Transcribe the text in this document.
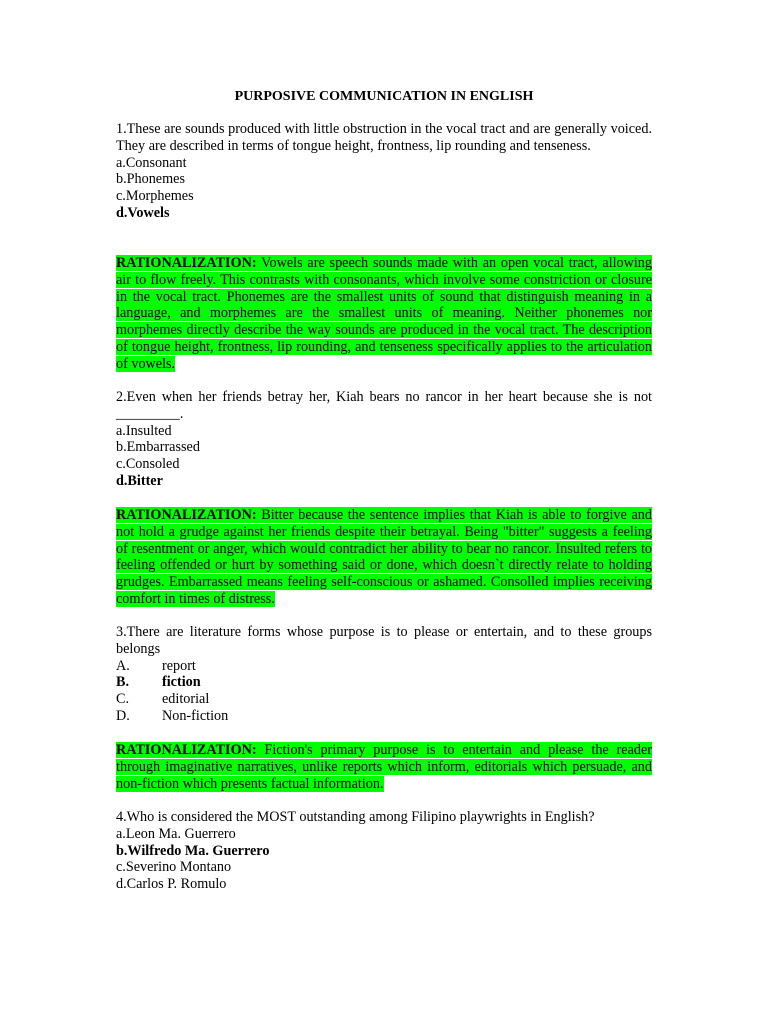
PURPOSIVE COMMUNICATION IN ENGLISH
1.These are sounds produced with little obstruction in the vocal tract and are generally voiced. They are described in terms of tongue height, frontness, lip rounding and tenseness.
a.Consonant
b.Phonemes
c.Morphemes
d.Vowels
RATIONALIZATION: Vowels are speech sounds made with an open vocal tract, allowing air to flow freely. This contrasts with consonants, which involve some constriction or closure in the vocal tract. Phonemes are the smallest units of sound that distinguish meaning in a language, and morphemes are the smallest units of meaning. Neither phonemes nor morphemes directly describe the way sounds are produced in the vocal tract. The description of tongue height, frontness, lip rounding, and tenseness specifically applies to the articulation of vowels.
2.Even when her friends betray her, Kiah bears no rancor in her heart because she is not _________.
a.Insulted
b.Embarrassed
c.Consoled
d.Bitter
RATIONALIZATION: Bitter because the sentence implies that Kiah is able to forgive and not hold a grudge against her friends despite their betrayal. Being "bitter" suggests a feeling of resentment or anger, which would contradict her ability to bear no rancor. Insulted refers to feeling offended or hurt by something said or done, which doesn`t directly relate to holding grudges. Embarrassed means feeling self-conscious or ashamed. Consolled implies receiving comfort in times of distress.
3.There are literature forms whose purpose is to please or entertain, and to these groups belongs
A. report
B. fiction
C. editorial
D. Non-fiction
RATIONALIZATION: Fiction's primary purpose is to entertain and please the reader through imaginative narratives, unlike reports which inform, editorials which persuade, and non-fiction which presents factual information.
4.Who is considered the MOST outstanding among Filipino playwrights in English?
a.Leon Ma. Guerrero
b.Wilfredo Ma. Guerrero
c.Severino Montano
d.Carlos P. Romulo
